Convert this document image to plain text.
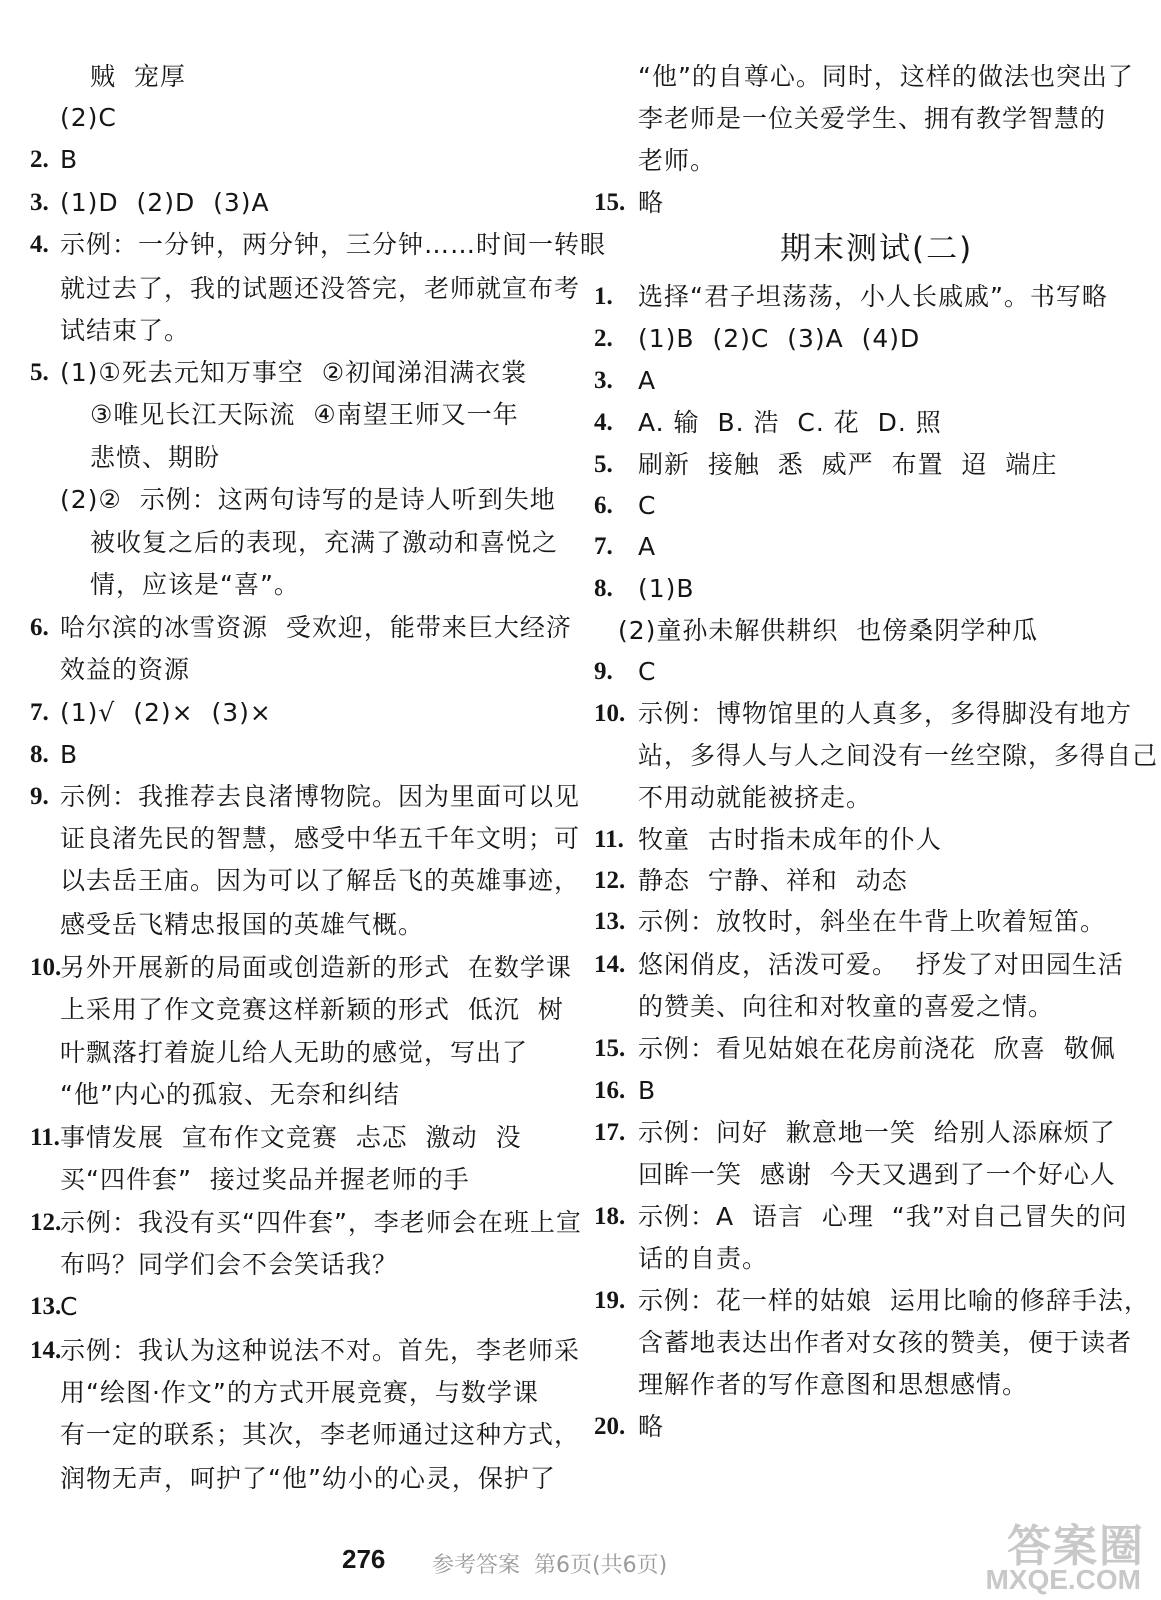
贼  宠厚
(2)C
2. B
3. (1)D  (2)D  (3)A
4. 示例：一分钟，两分钟，三分钟……时间一转眼
就过去了，我的试题还没答完，老师就宣布考
试结束了。
5. (1)①死去元知万事空  ②初闻涕泪满衣裳
③唯见长江天际流  ④南望王师又一年
悲愤、期盼
(2)②  示例：这两句诗写的是诗人听到失地
被收复之后的表现，充满了激动和喜悦之
情，应该是“喜”。
6. 哈尔滨的冰雪资源  受欢迎，能带来巨大经济
效益的资源
7. (1)√  (2)×  (3)×
8. B
9. 示例：我推荐去良渚博物院。因为里面可以见
证良渚先民的智慧，感受中华五千年文明；可
以去岳王庙。因为可以了解岳飞的英雄事迹，
感受岳飞精忠报国的英雄气概。
10.
另外开展新的局面或创造新的形式  在数学课
上采用了作文竞赛这样新颖的形式  低沉  树
叶飘落打着旋儿给人无助的感觉，写出了
“他”内心的孤寂、无奈和纠结
11. 事情发展  宣布作文竞赛  忐忑  激动  没
买“四件套”  接过奖品并握老师的手
12.
示例：我没有买“四件套”，李老师会在班上宣
布吗？同学们会不会笑话我？
13.
C
14.
示例：我认为这种说法不对。首先，李老师采
用“绘图·作文”的方式开展竞赛，与数学课
有一定的联系；其次，李老师通过这种方式，
润物无声，呵护了“他”幼小的心灵，保护了
“他”的自尊心。同时，这样的做法也突出了
李老师是一位关爱学生、拥有教学智慧的
老师。
15. 略
期末测试(二)
1. 选择“君子坦荡荡，小人长戚戚”。书写略
2. (1)B  (2)C  (3)A  (4)D
3. A
4. A. 输  B. 浩  C. 花  D. 照
5. 刷新  接触  悉  威严  布置  迢  端庄
6. C
7. A
8. (1)B
(2)童孙未解供耕织  也傍桑阴学种瓜
9. C
10. 示例：博物馆里的人真多，多得脚没有地方
站，多得人与人之间没有一丝空隙，多得自己
不用动就能被挤走。
11. 牧童  古时指未成年的仆人
12. 静态  宁静、祥和  动态
13. 示例：放牧时，斜坐在牛背上吹着短笛。
14. 悠闲俏皮，活泼可爱。  抒发了对田园生活
的赞美、向往和对牧童的喜爱之情。
15. 示例：看见姑娘在花房前浇花  欣喜  敬佩
16. B
17. 示例：问好  歉意地一笑  给别人添麻烦了
回眸一笑  感谢  今天又遇到了一个好心人
18. 示例：A  语言  心理  “我”对自己冒失的问
话的自责。
19. 示例：花一样的姑娘  运用比喻的修辞手法，
含蓄地表达出作者对女孩的赞美，便于读者
理解作者的写作意图和思想感情。
20. 略
276 参考答案  第6页(共6页)	答案圈
MXQE.COM
